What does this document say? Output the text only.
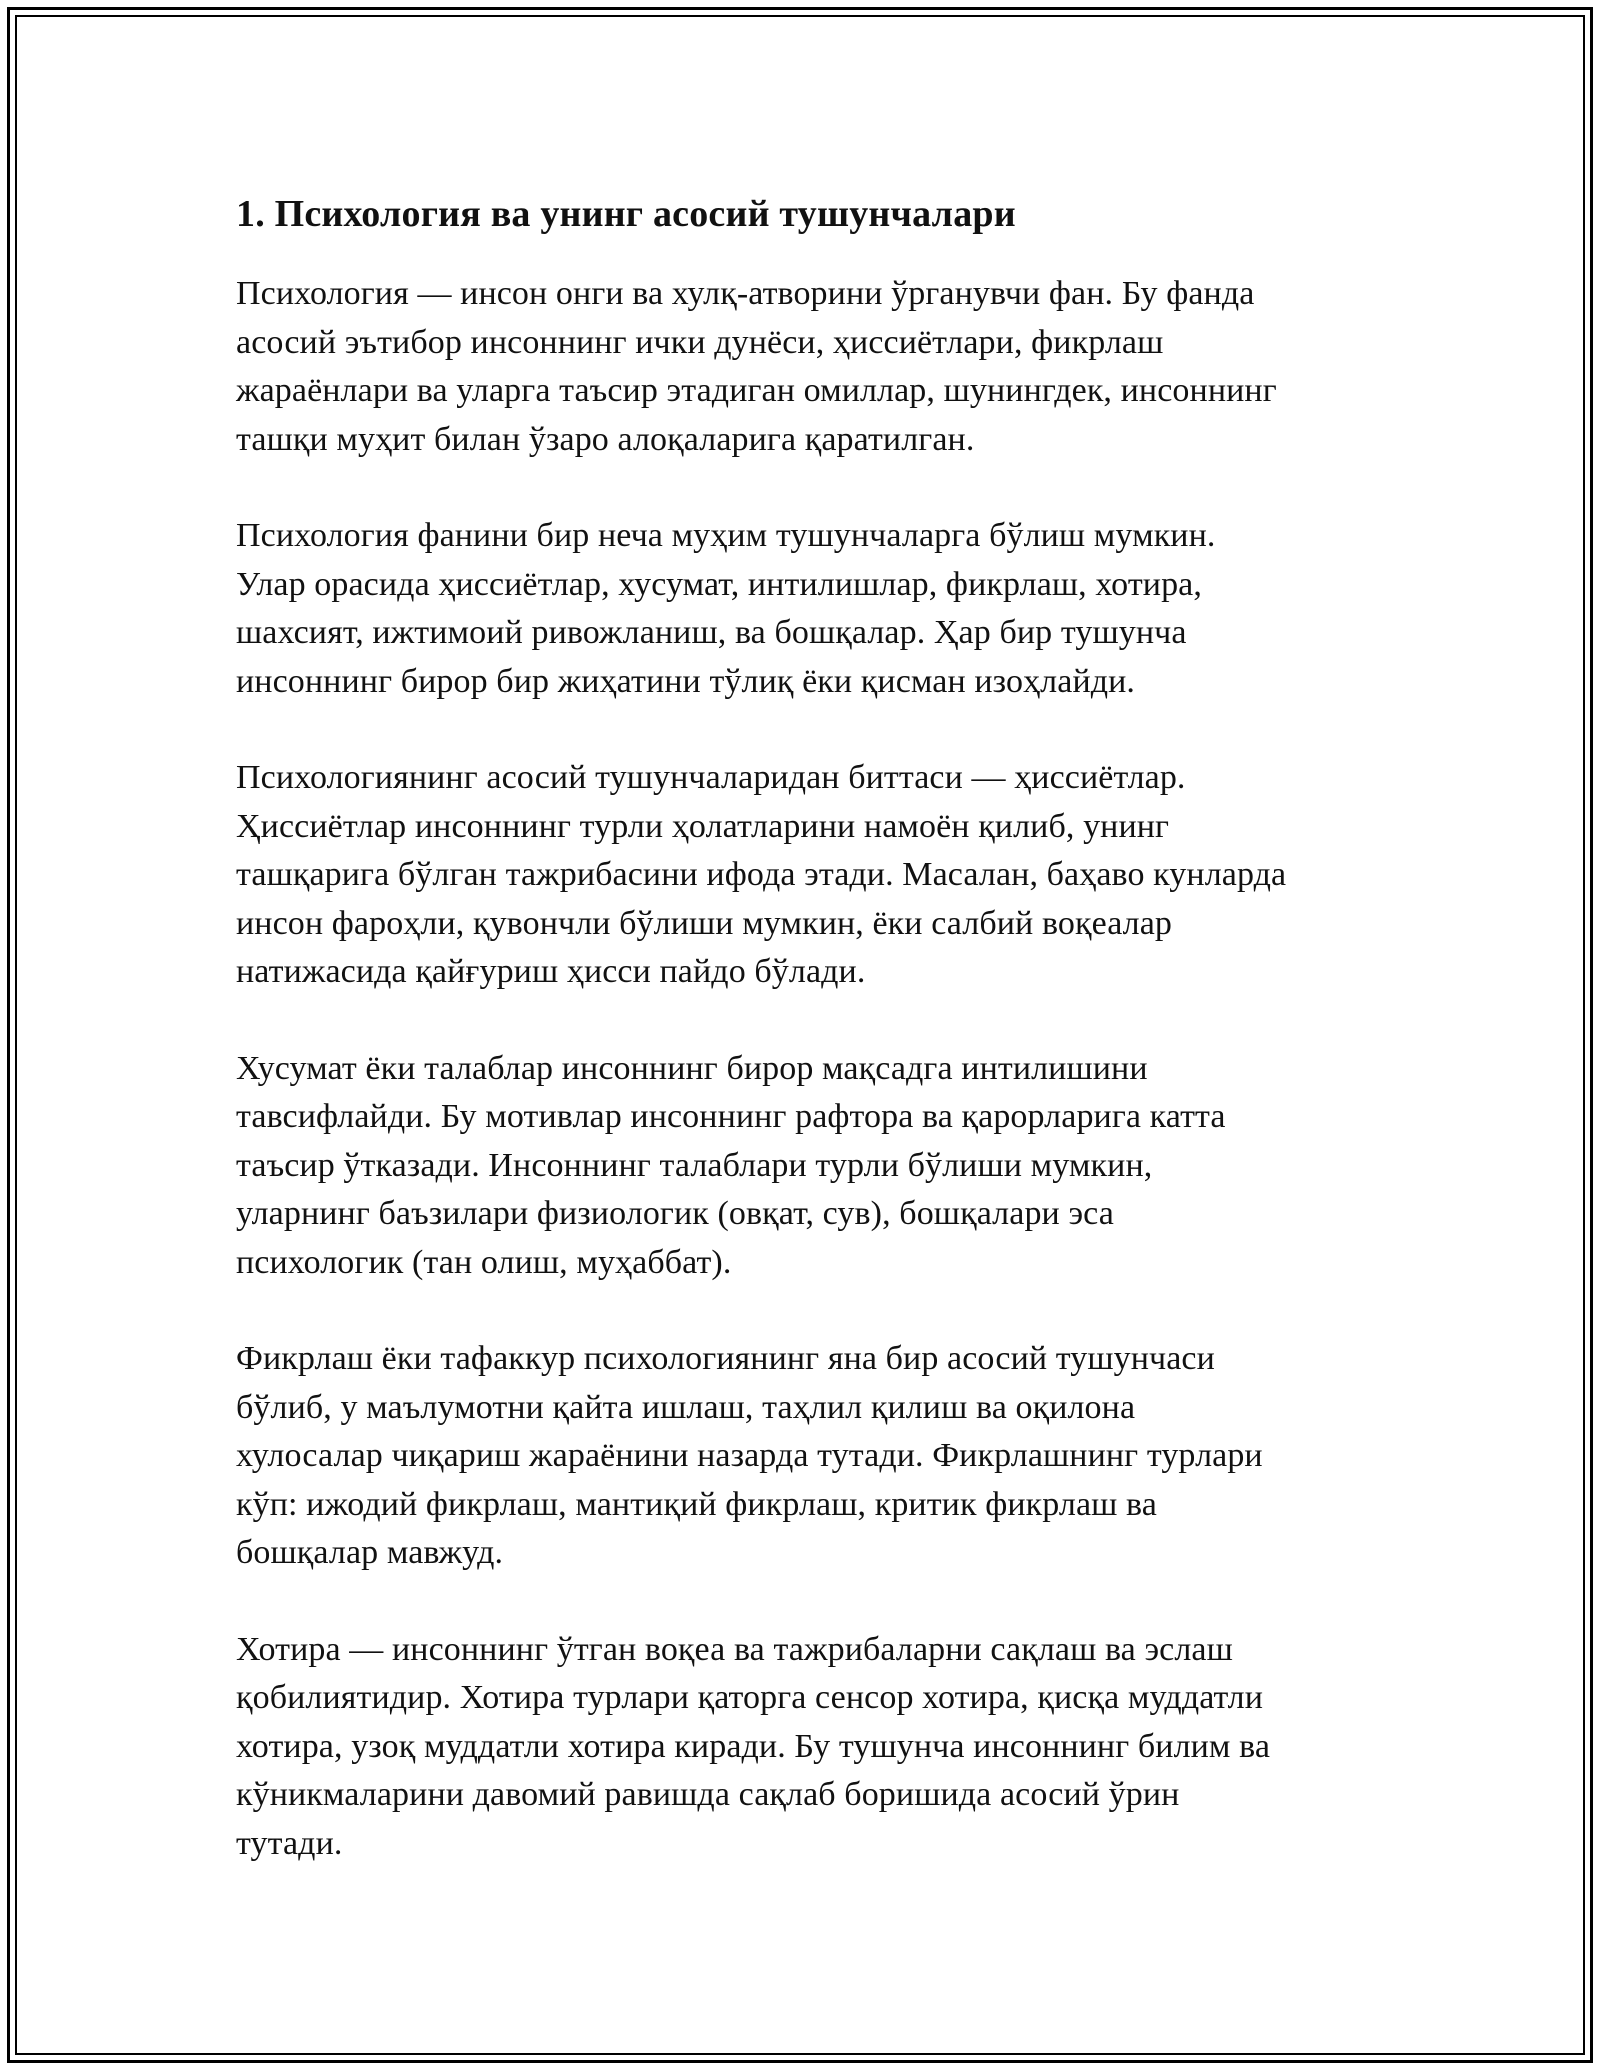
1. Психология ва унинг асосий тушунчалари

Психология — инсон онги ва хулқ-атворини ўрганувчи фан. Бу фанда
асосий эътибор инсоннинг ички дунёси, ҳиссиётлари, фикрлаш
жараёнлари ва уларга таъсир этадиган омиллар, шунингдек, инсоннинг
ташқи муҳит билан ўзаро алоқаларига қаратилган.

Психология фанини бир неча муҳим тушунчаларга бўлиш мумкин.
Улар орасида ҳиссиётлар, хусумат, интилишлар, фикрлаш, хотира,
шахсият, ижтимоий ривожланиш, ва бошқалар. Ҳар бир тушунча
инсоннинг бирор бир жиҳатини тўлиқ ёки қисман изоҳлайди.

Психологиянинг асосий тушунчаларидан биттаси — ҳиссиётлар.
Ҳиссиётлар инсоннинг турли ҳолатларини намоён қилиб, унинг
ташқарига бўлган тажрибасини ифода этади. Масалан, баҳаво кунларда
инсон фароҳли, қувончли бўлиши мумкин, ёки салбий воқеалар
натижасида қайғуриш ҳисси пайдо бўлади.

Хусумат ёки талаблар инсоннинг бирор мақсадга интилишини
тавсифлайди. Бу мотивлар инсоннинг рафтора ва қарорларига катта
таъсир ўтказади. Инсоннинг талаблари турли бўлиши мумкин,
уларнинг баъзилари физиологик (овқат, сув), бошқалари эса
психологик (тан олиш, муҳаббат).

Фикрлаш ёки тафаккур психологиянинг яна бир асосий тушунчаси
бўлиб, у маълумотни қайта ишлаш, таҳлил қилиш ва оқилона
хулосалар чиқариш жараёнини назарда тутади. Фикрлашнинг турлари
кўп: ижодий фикрлаш, мантиқий фикрлаш, критик фикрлаш ва
бошқалар мавжуд.

Хотира — инсоннинг ўтган воқеа ва тажрибаларни сақлаш ва эслаш
қобилиятидир. Хотира турлари қаторга сенсор хотира, қисқа муддатли
хотира, узоқ муддатли хотира киради. Бу тушунча инсоннинг билим ва
кўникмаларини давомий равишда сақлаб боришида асосий ўрин
тутади.
